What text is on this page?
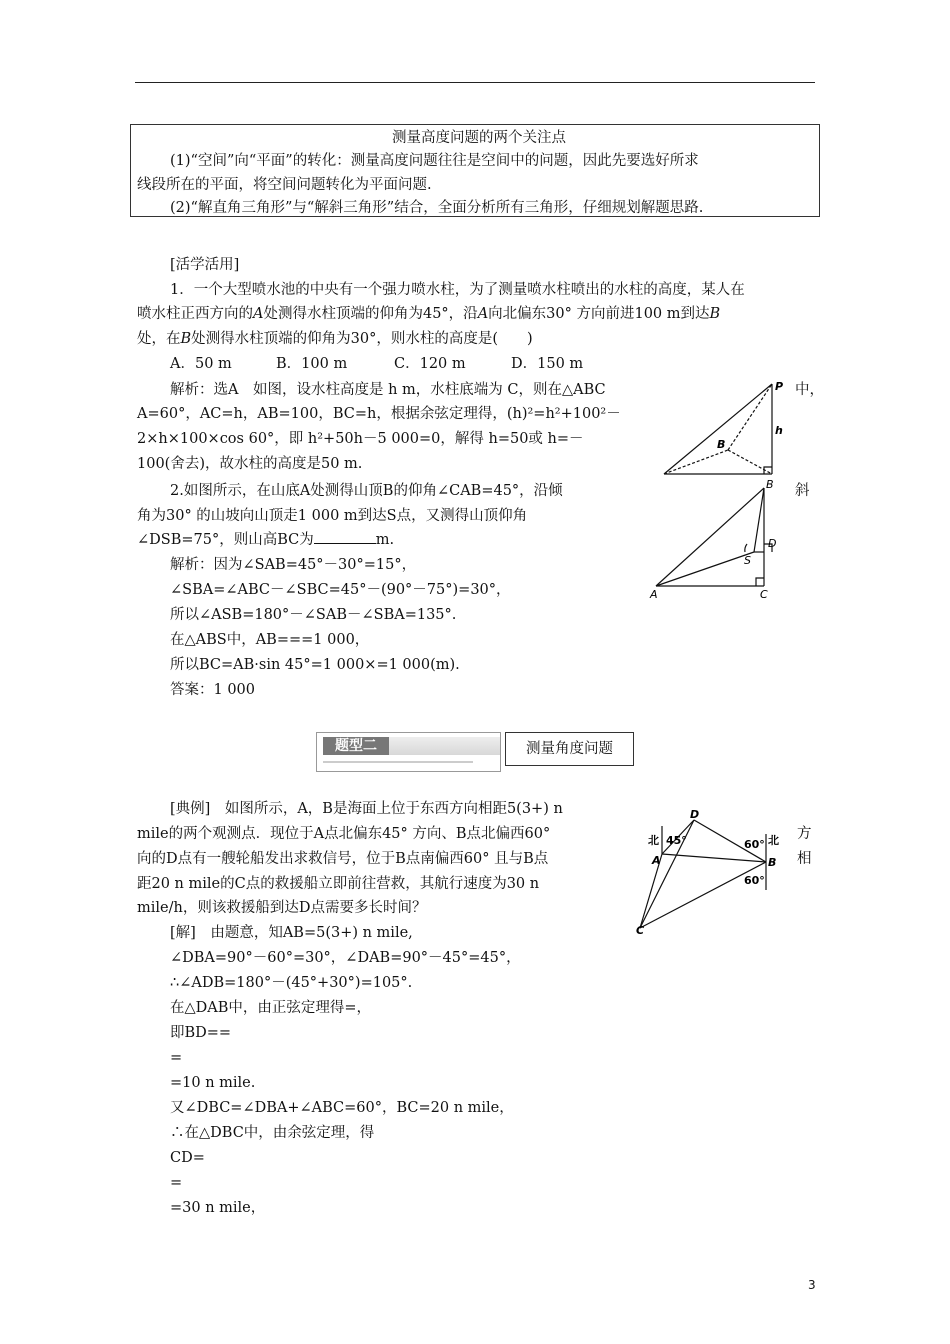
测量高度问题的两个关注点
(1)“空间”向“平面”的转化：测量高度问题往往是空间中的问题，因此先要选好所求
线段所在的平面，将空间问题转化为平面问题.
(2)“解直角三角形”与“解斜三角形”结合，全面分析所有三角形，仔细规划解题思路.
[活学活用]
1．一个大型喷水池的中央有一个强力喷水柱，为了测量喷水柱喷出的水柱的高度，某人在
喷水柱正西方向的A处测得水柱顶端的仰角为45°，沿A向北偏东30° 方向前进100 m到达B
处，在B处测得水柱顶端的仰角为30°，则水柱的高度是(　　)
A．50 m	B．100 m	C．120 m	D．150 m
解析：选A　如图，设水柱高度是 h m，水柱底端为 C，则在△ABC	中，
A=60°，AC=h，AB=100，BC=h，根据余弦定理得，(h)²=h²+100²－
2×h×100×cos 60°，即 h²+50h－5 000=0，解得 h=50或 h=－
100(舍去)，故水柱的高度是50 m.
P
B
h
2.如图所示，在山底A处测得山顶B的仰角∠CAB=45°，沿倾	斜
角为30° 的山坡向山顶走1 000 m到达S点，又测得山顶仰角
∠DSB=75°，则山高BC为	m.
解析：因为∠SAB=45°－30°=15°，
∠SBA=∠ABC－∠SBC=45°－(90°－75°)=30°，
所以∠ASB=180°－∠SAB－∠SBA=135°.
在△ABS中，AB===1 000，
所以BC=AB·sin 45°=1 000×=1 000(m).
答案：1 000
A
B
C
D
S
题型二	测量角度问题
[典例]　如图所示，A，B是海面上位于东西方向相距5(3+) n
方
mile的两个观测点．现位于A点北偏东45° 方向、B点北偏西60°
相
向的D点有一艘轮船发出求救信号，位于B点南偏西60° 且与B点
距20 n mile的C点的救援船立即前往营救，其航行速度为30 n
mile/h，则该救援船到达D点需要多长时间？
[解]　由题意，知AB=5(3+) n mile,
∠DBA=90°－60°=30°，∠DAB=90°－45°=45°，
∴∠ADB=180°－(45°+30°)=105°.
在△DAB中，由正弦定理得=，
即BD==
=
=10 n mile.
又∠DBC=∠DBA+∠ABC=60°，BC=20 n mile，
∴在△DBC中，由余弦定理，得
CD=
=
=30 n mile，
D
A	B
C
北	北
45°	60°
60°
3
